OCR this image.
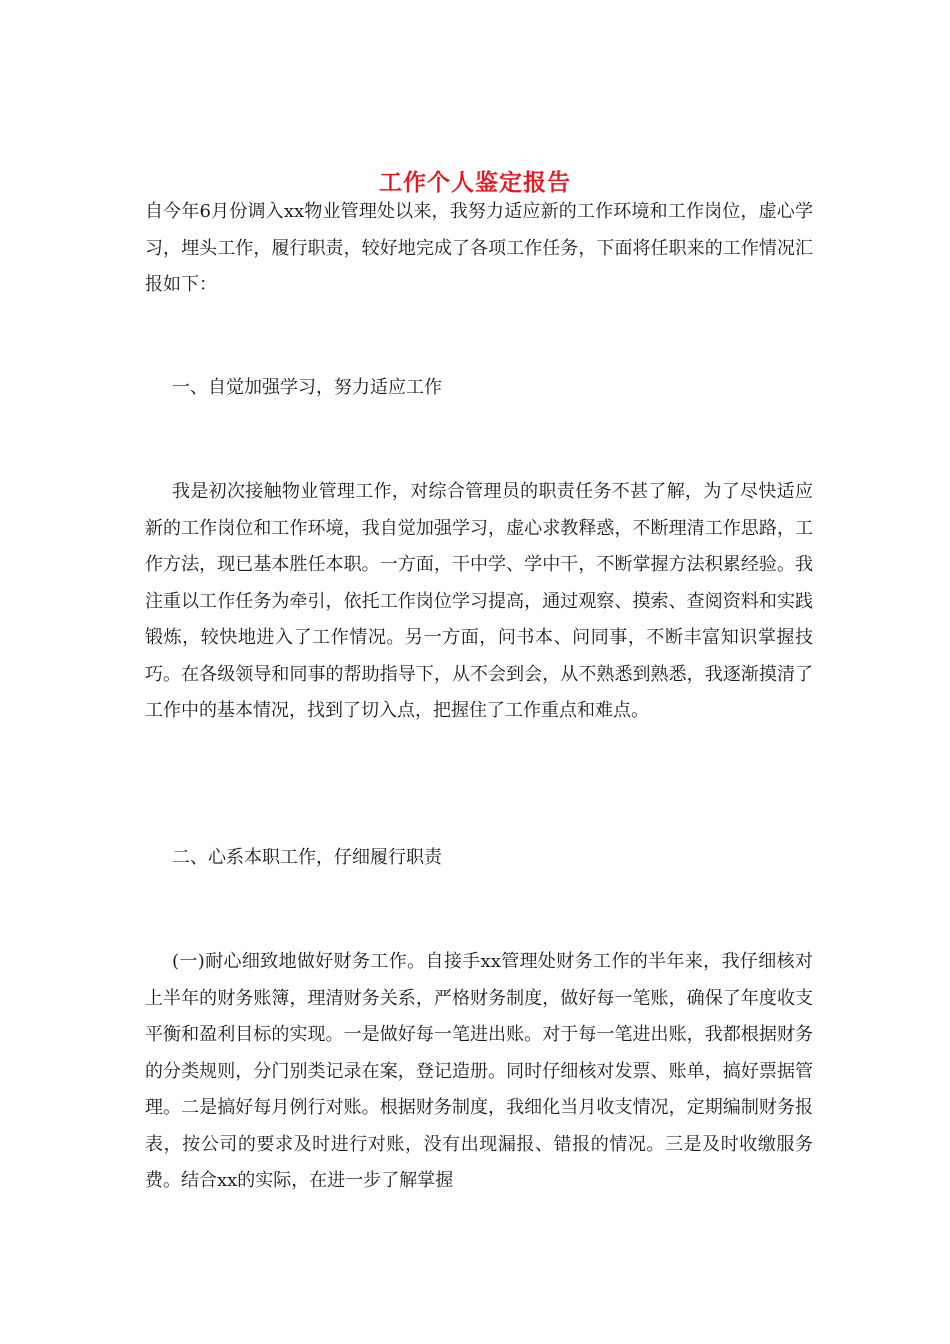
工作个人鉴定报告

自今年6月份调入xx物业管理处以来，我努力适应新的工作环境和工作岗位，虚心学习，埋头工作，履行职责，较好地完成了各项工作任务，下面将任职来的工作情况汇报如下：

一、自觉加强学习，努力适应工作

我是初次接触物业管理工作，对综合管理员的职责任务不甚了解，为了尽快适应新的工作岗位和工作环境，我自觉加强学习，虚心求教释惑，不断理清工作思路，工作方法，现已基本胜任本职。一方面，干中学、学中干，不断掌握方法积累经验。我注重以工作任务为牵引，依托工作岗位学习提高，通过观察、摸索、查阅资料和实践锻炼，较快地进入了工作情况。另一方面，问书本、问同事，不断丰富知识掌握技巧。在各级领导和同事的帮助指导下，从不会到会，从不熟悉到熟悉，我逐渐摸清了工作中的基本情况，找到了切入点，把握住了工作重点和难点。

二、心系本职工作，仔细履行职责

(一)耐心细致地做好财务工作。自接手xx管理处财务工作的半年来，我仔细核对上半年的财务账簿，理清财务关系，严格财务制度，做好每一笔账，确保了年度收支平衡和盈利目标的实现。一是做好每一笔进出账。对于每一笔进出账，我都根据财务的分类规则，分门别类记录在案，登记造册。同时仔细核对发票、账单，搞好票据管理。二是搞好每月例行对账。根据财务制度，我细化当月收支情况，定期编制财务报表，按公司的要求及时进行对账，没有出现漏报、错报的情况。三是及时收缴服务费。结合xx的实际，在进一步了解掌握
